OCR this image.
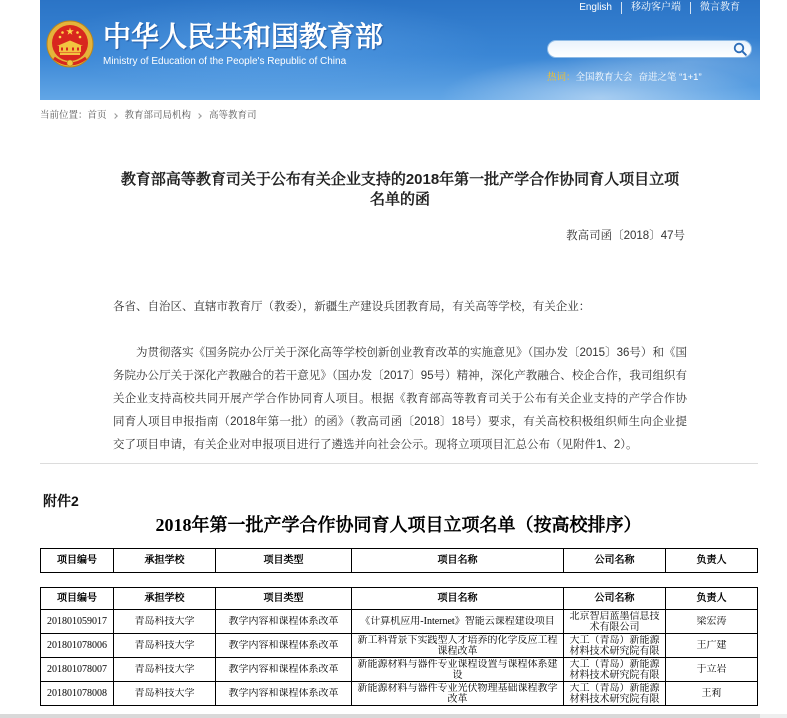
中华人民共和国教育部
Ministry of Education of the People's Republic of China
English	移动客户端	微言教育
热词：全国教育大会 奋进之笔 “1+1”
当前位置： 首页 教育部司局机构 高等教育司
教育部高等教育司关于公布有关企业支持的2018年第一批产学合作协同育人项目立项名单的函
教高司函〔2018〕47号
各省、自治区、直辖市教育厅（教委），新疆生产建设兵团教育局，有关高等学校，有关企业：
为贯彻落实《国务院办公厅关于深化高等学校创新创业教育改革的实施意见》（国办发〔2015〕36号）和《国务院办公厅关于深化产教融合的若干意见》（国办发〔2017〕95号）精神，深化产教融合、校企合作，我司组织有关企业支持高校共同开展产学合作协同育人项目。根据《教育部高等教育司关于公布有关企业支持的产学合作协同育人项目申报指南（2018年第一批）的函》（教高司函〔2018〕18号）要求，有关高校积极组织师生向企业提交了项目申请，有关企业对申报项目进行了遴选并向社会公示。现将立项项目汇总公布（见附件1、2）。
附件2
2018年第一批产学合作协同育人项目立项名单（按高校排序）
项目编号	承担学校	项目类型	项目名称	公司名称	负责人
项目编号	承担学校	项目类型	项目名称	公司名称	负责人

201801059017	青岛科技大学	教学内容和课程体系改革	《计算机应用-Internet》智能云课程建设项目	北京智启蓝墨信息技术有限公司	梁宏涛

201801078006	青岛科技大学	教学内容和课程体系改革	新工科背景下实践型人才培养的化学反应工程课程改革	大工（青岛）新能源材料技术研究院有限	王广建

201801078007	青岛科技大学	教学内容和课程体系改革	新能源材料与器件专业课程设置与课程体系建设	大工（青岛）新能源材料技术研究院有限	于立岩

201801078008	青岛科技大学	教学内容和课程体系改革	新能源材料与器件专业光伏物理基础课程教学改革	大工（青岛）新能源材料技术研究院有限	王莉
